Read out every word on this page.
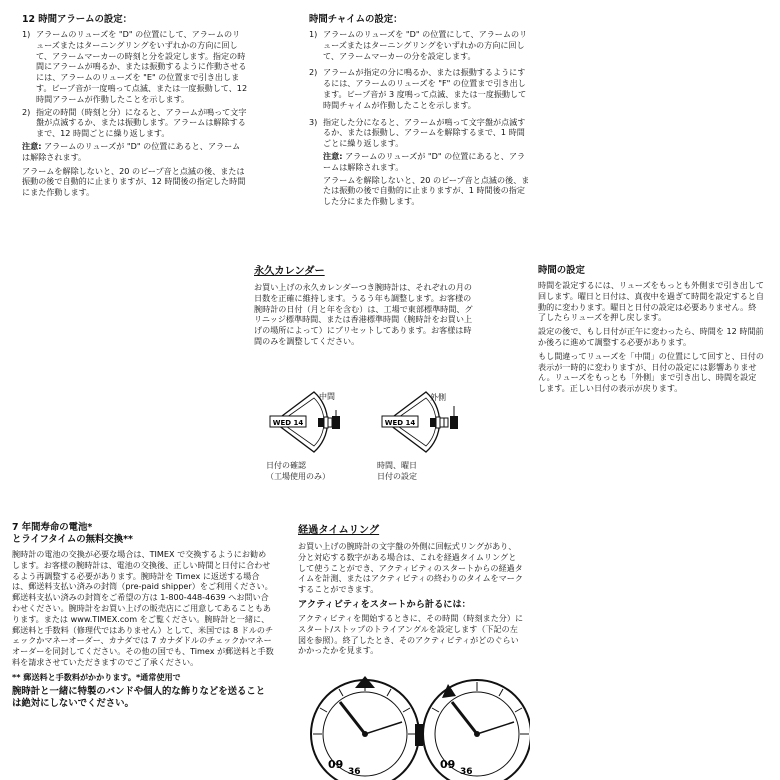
12 時間アラームの設定：
1) アラームのリューズを "D" の位置にして、アラームのリューズまたはターニングリングをいずれかの方向に回して、アラームマーカーの時刻と分を設定します。指定の時間にアラームが鳴るか、または振動するように作動させるには、アラームのリューズを "E" の位置まで引き出します。ビープ音が一度鳴って点滅、または一度振動して、12 時間アラームが作動したことを示します。
2) 指定の時間（時刻と分）になると、アラームが鳴って文字盤が点滅するか、または振動します。アラームは解除するまで、12 時間ごとに繰り返します。

注意: アラームのリューズが "D" の位置にあると、アラームは解除されます。

アラームを解除しないと、20 のビープ音と点滅の後、または振動の後で自動的に止まりますが、12 時間後の指定した時間にまた作動します。

時間チャイムの設定：
1) アラームのリューズを "D" の位置にして、アラームのリューズまたはターニングリングをいずれかの方向に回して、アラームマーカーの分を設定します。
2) アラームが指定の分に鳴るか、または振動するようにするには、アラームのリューズを "F" の位置まで引き出します。ビープ音が 3 度鳴って点滅、または一度振動して時間チャイムが作動したことを示します。
3) 指定した分になると、アラームが鳴って文字盤が点滅するか、または振動し、アラームを解除するまで、1 時間ごとに繰り返します。
注意: アラームのリューズが "D" の位置にあると、アラームは解除されます。
アラームを解除しないと、20 のビープ音と点滅の後、または振動の後で自動的に止まりますが、1 時間後の指定した分にまた作動します。
永久カレンダー

お買い上げの永久カレンダーつき腕時計は、それぞれの月の日数を正確に維持します。うるう年も調整します。お客様の腕時計の日付（月と年を含む）は、工場で東部標準時間、グリニッジ標準時間、または香港標準時間（腕時計をお買い上げの場所によって）にプリセットしてあります。お客様は時間のみを調整してください。

WED 14	WED 14
中間	外側
日付の確認
（工場使用のみ）
時間、曜日
日付の設定
時間の設定

時間を設定するには、リューズをもっとも外側まで引き出して回します。曜日と日付は、真夜中を過ぎて時間を設定すると自動的に変わります。曜日と日付の設定は必要ありません。終了したらリューズを押し戻します。

設定の後で、もし日付が正午に変わったら、時間を 12 時間前か後ろに進めて調整する必要があります。

もし間違ってリューズを「中間」の位置にして回すと、日付の表示が一時的に変わりますが、日付の設定には影響ありません。リューズをもっとも「外側」まで引き出し、時間を設定します。正しい日付の表示が戻ります。

7 年間寿命の電池*
とライフタイムの無料交換**

腕時計の電池の交換が必要な場合は、TIMEX で交換するようにお勧めします。お客様の腕時計は、電池の交換後、正しい時間と日付に合わせるよう再調整する必要があります。腕時計を Timex に返送する場合は、郵送料支払い済みの封筒（pre-paid shipper）をご利用ください。郵送料支払い済みの封筒をご希望の方は 1-800-448-4639 へお問い合わせください。腕時計をお買い上げの販売店にご用意してあることもあります。または www.TIMEX.com をご覧ください。腕時計と一緒に、郵送料と手数料（修理代ではありません）として、米国では 8 ドルのチェックかマネーオーダー、カナダでは 7 カナダドルのチェックかマネーオーダーを同封してください。その他の国でも、Timex が郵送料と手数料を請求させていただきますのでご了承ください。

** 郵送料と手数料がかかります。*通常使用で

腕時計と一緒に特製のバンドや個人的な飾りなどを送ることは絶対にしないでください。

経過タイムリング

お買い上げの腕時計の文字盤の外側に回転式リングがあり、分と対応する数字がある場合は、これを経過タイムリングとして使うことができ、アクティビティのスタートからの経過タイムを計測、またはアクティビティの終わりのタイムをマークすることができます。

アクティビティをスタートから計るには：

アクティビティを開始するときに、その時間（時刻また分）にスタート/ストップのトライアングルを設定します（下記の左図を参照）。終了したとき、そのアクティビティがどのぐらいかかったかを見ます。

09
36
09
36
